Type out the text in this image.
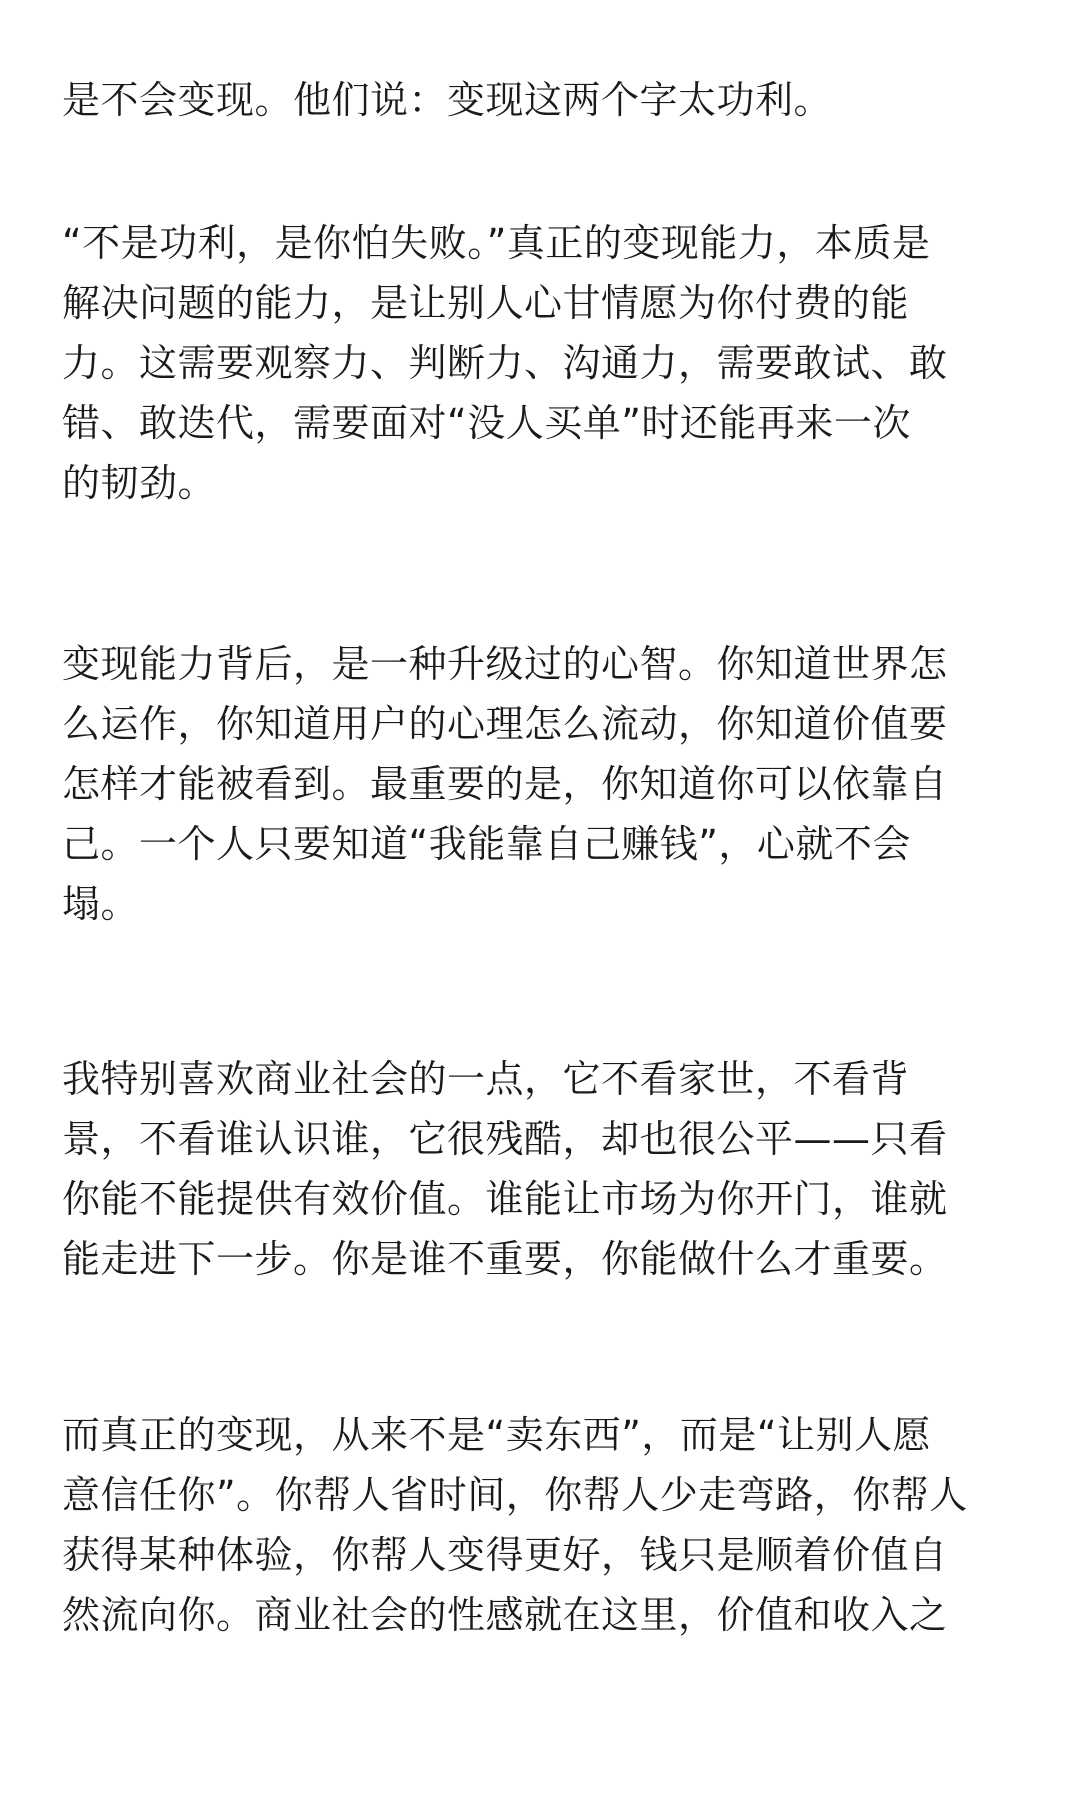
是不会变现。他们说：变现这两个字太功利。

“不是功利，是你怕失败。”真正的变现能力，本质是
解决问题的能力，是让别人心甘情愿为你付费的能
力。这需要观察力、判断力、沟通力，需要敢试、敢
错、敢迭代，需要面对“没人买单”时还能再来一次
的韧劲。

变现能力背后，是一种升级过的心智。你知道世界怎
么运作，你知道用户的心理怎么流动，你知道价值要
怎样才能被看到。最重要的是，你知道你可以依靠自
己。一个人只要知道“我能靠自己赚钱”，心就不会
塌。

我特别喜欢商业社会的一点，它不看家世，不看背
景，不看谁认识谁，它很残酷，却也很公平——只看
你能不能提供有效价值。谁能让市场为你开门，谁就
能走进下一步。你是谁不重要，你能做什么才重要。

而真正的变现，从来不是“卖东西”，而是“让别人愿
意信任你”。你帮人省时间，你帮人少走弯路，你帮人
获得某种体验，你帮人变得更好，钱只是顺着价值自
然流向你。商业社会的性感就在这里，价值和收入之
